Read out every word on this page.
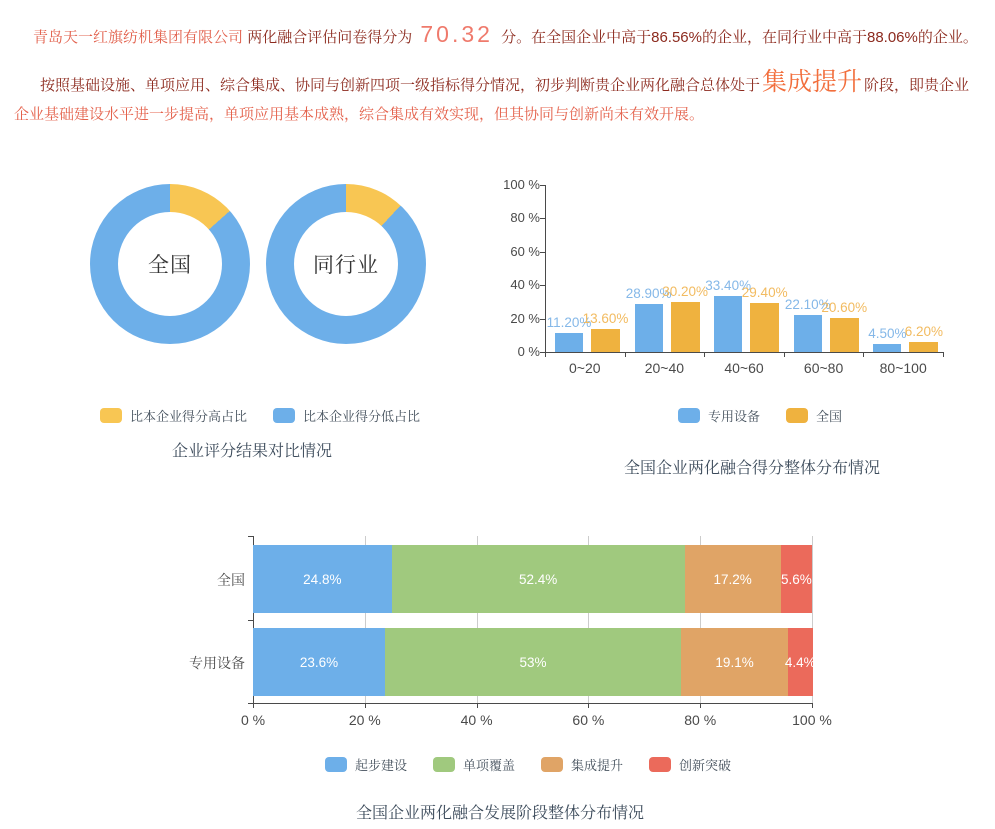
青岛天一红旗纺机集团有限公司 两化融合评估问卷得分为 70.32 分。在全国企业中高于86.56%的企业，在同行业中高于88.06%的企业。

按照基础设施、单项应用、综合集成、协同与创新四项一级指标得分情况，初步判断贵企业两化融合总体处于集成提升 阶段，即贵企业企业基础建设水平进一步提高，单项应用基本成熟，综合集成有效实现，但其协同与创新尚未有效开展。

全国	同行业
比本企业得分高占比	比本企业得分低占比
企业评分结果对比情况
100 %
80 %
60 %
40 %
20 %
0 %
11.20%
13.60%
0~20
28.90%
30.20%
20~40
33.40%
29.40%
40~60
22.10%
20.60%
60~80
4.50%
6.20%
80~100
专用设备	全国
全国企业两化融合得分整体分布情况
0 %	20 %	40 %	60 %	80 %	100 %
全国	24.8%	52.4%	17.2% 5.6%
专用设备	23.6%	53%	19.1% 4.4%
起步建设	单项覆盖	集成提升	创新突破
全国企业两化融合发展阶段整体分布情况
